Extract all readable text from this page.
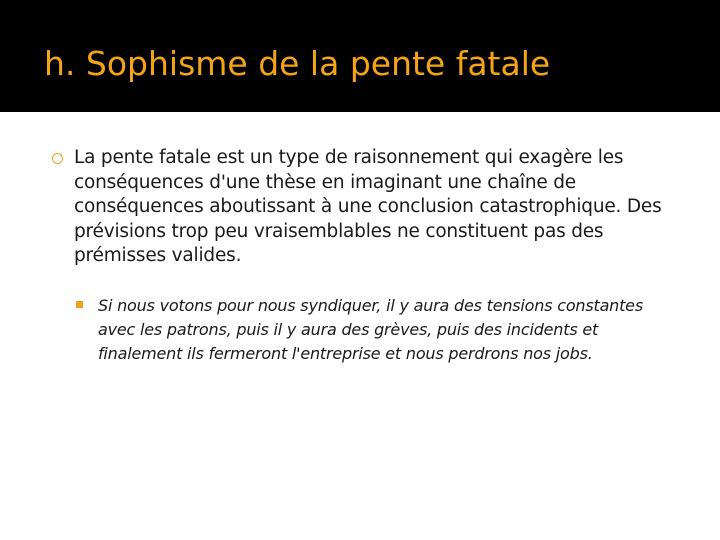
h. Sophisme de la pente fatale
La pente fatale est un type de raisonnement qui exagère les conséquences d'une thèse en imaginant une chaîne de conséquences aboutissant à une conclusion catastrophique. Des prévisions trop peu vraisemblables ne constituent pas des prémisses valides.
Si nous votons pour nous syndiquer, il y aura des tensions constantes avec les patrons, puis il y aura des grèves, puis des incidents et finalement ils fermeront l'entreprise et nous perdrons nos jobs.
